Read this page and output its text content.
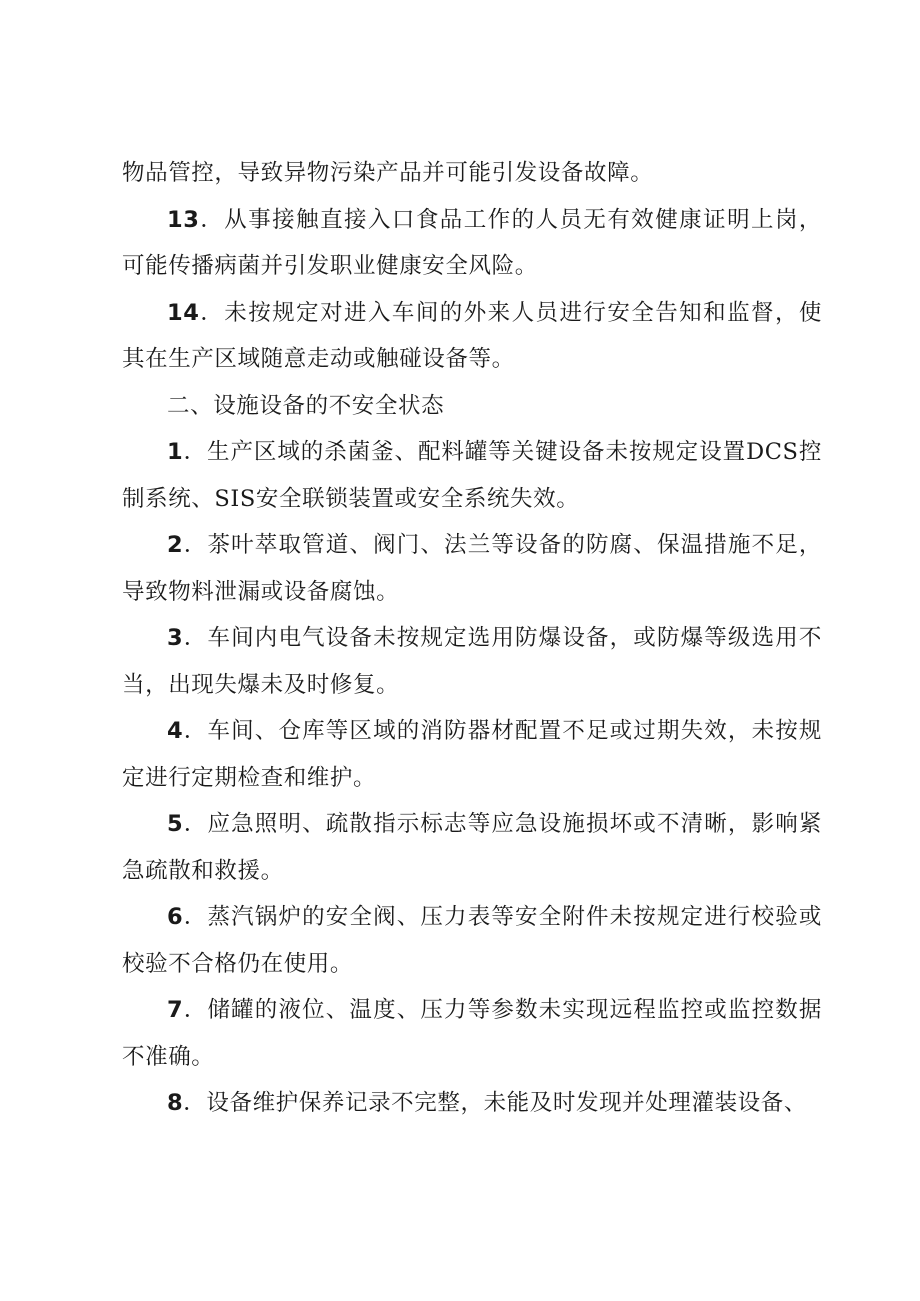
物品管控，导致异物污染产品并可能引发设备故障。

13．从事接触直接入口食品工作的人员无有效健康证明上岗，可能传播病菌并引发职业健康安全风险。

14．未按规定对进入车间的外来人员进行安全告知和监督，使其在生产区域随意走动或触碰设备等。

二、设施设备的不安全状态

1．生产区域的杀菌釜、配料罐等关键设备未按规定设置DCS控制系统、SIS安全联锁装置或安全系统失效。

2．茶叶萃取管道、阀门、法兰等设备的防腐、保温措施不足，导致物料泄漏或设备腐蚀。

3．车间内电气设备未按规定选用防爆设备，或防爆等级选用不当，出现失爆未及时修复。

4．车间、仓库等区域的消防器材配置不足或过期失效，未按规定进行定期检查和维护。

5．应急照明、疏散指示标志等应急设施损坏或不清晰，影响紧急疏散和救援。

6．蒸汽锅炉的安全阀、压力表等安全附件未按规定进行校验或校验不合格仍在使用。

7．储罐的液位、温度、压力等参数未实现远程监控或监控数据不准确。

8．设备维护保养记录不完整，未能及时发现并处理灌装设备、
